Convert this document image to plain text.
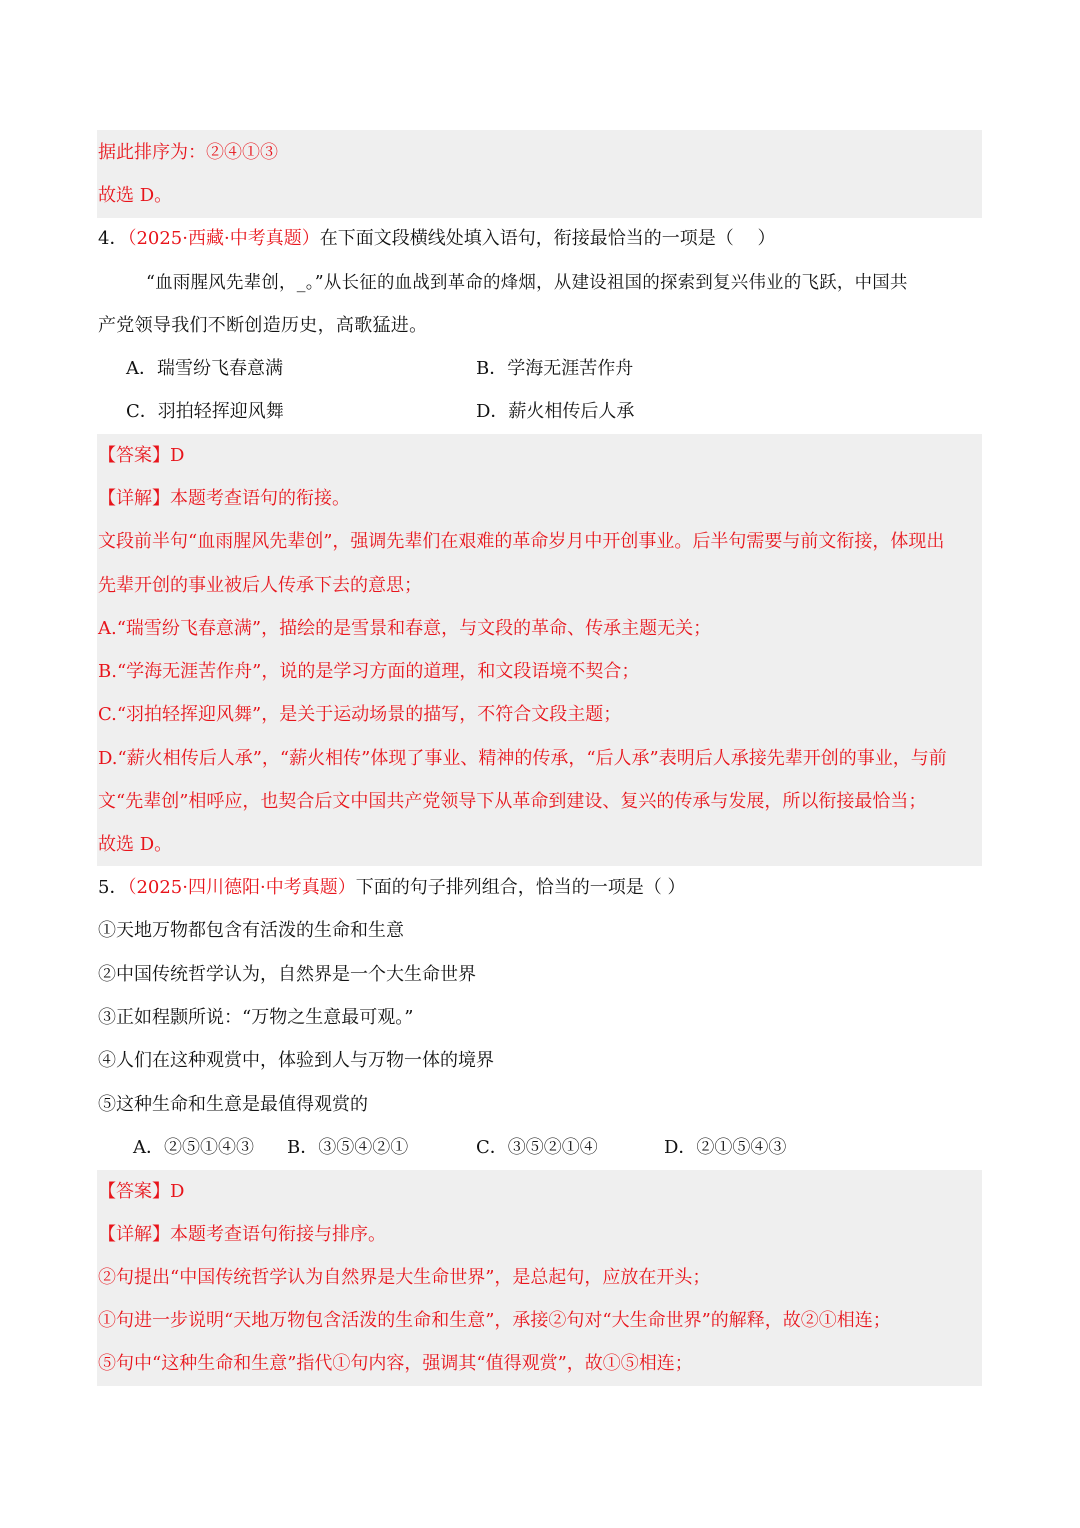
据此排序为：②④①③
故选 D。
4．（2025·西藏·中考真题）在下面文段横线处填入语句，衔接最恰当的一项是（　 ）
“血雨腥风先辈创，_。”从长征的血战到革命的烽烟，从建设祖国的探索到复兴伟业的飞跃，中国共
产党领导我们不断创造历史，高歌猛进。
A．瑞雪纷飞春意满	B．学海无涯苦作舟
C．羽拍轻挥迎风舞	D．薪火相传后人承
【答案】D
【详解】本题考查语句的衔接。
文段前半句“血雨腥风先辈创”，强调先辈们在艰难的革命岁月中开创事业。后半句需要与前文衔接，体现出
先辈开创的事业被后人传承下去的意思；
A.“瑞雪纷飞春意满”，描绘的是雪景和春意，与文段的革命、传承主题无关；
B.“学海无涯苦作舟”，说的是学习方面的道理，和文段语境不契合；
C.“羽拍轻挥迎风舞”，是关于运动场景的描写，不符合文段主题；
D.“薪火相传后人承”，“薪火相传”体现了事业、精神的传承，“后人承”表明后人承接先辈开创的事业，与前
文“先辈创”相呼应，也契合后文中国共产党领导下从革命到建设、复兴的传承与发展，所以衔接最恰当；
故选 D。
5．（2025·四川德阳·中考真题）下面的句子排列组合，恰当的一项是（ ）
①天地万物都包含有活泼的生命和生意
②中国传统哲学认为，自然界是一个大生命世界
③正如程颢所说：“万物之生意最可观。”
④人们在这种观赏中，体验到人与万物一体的境界
⑤这种生命和生意是最值得观赏的
A．②⑤①④③ B．③⑤④②①	C．③⑤②①④	D．②①⑤④③
【答案】D
【详解】本题考查语句衔接与排序。
②句提出“中国传统哲学认为自然界是大生命世界”，是总起句，应放在开头；
①句进一步说明“天地万物包含活泼的生命和生意”，承接②句对“大生命世界”的解释，故②①相连；
⑤句中“这种生命和生意”指代①句内容，强调其“值得观赏”，故①⑤相连；
